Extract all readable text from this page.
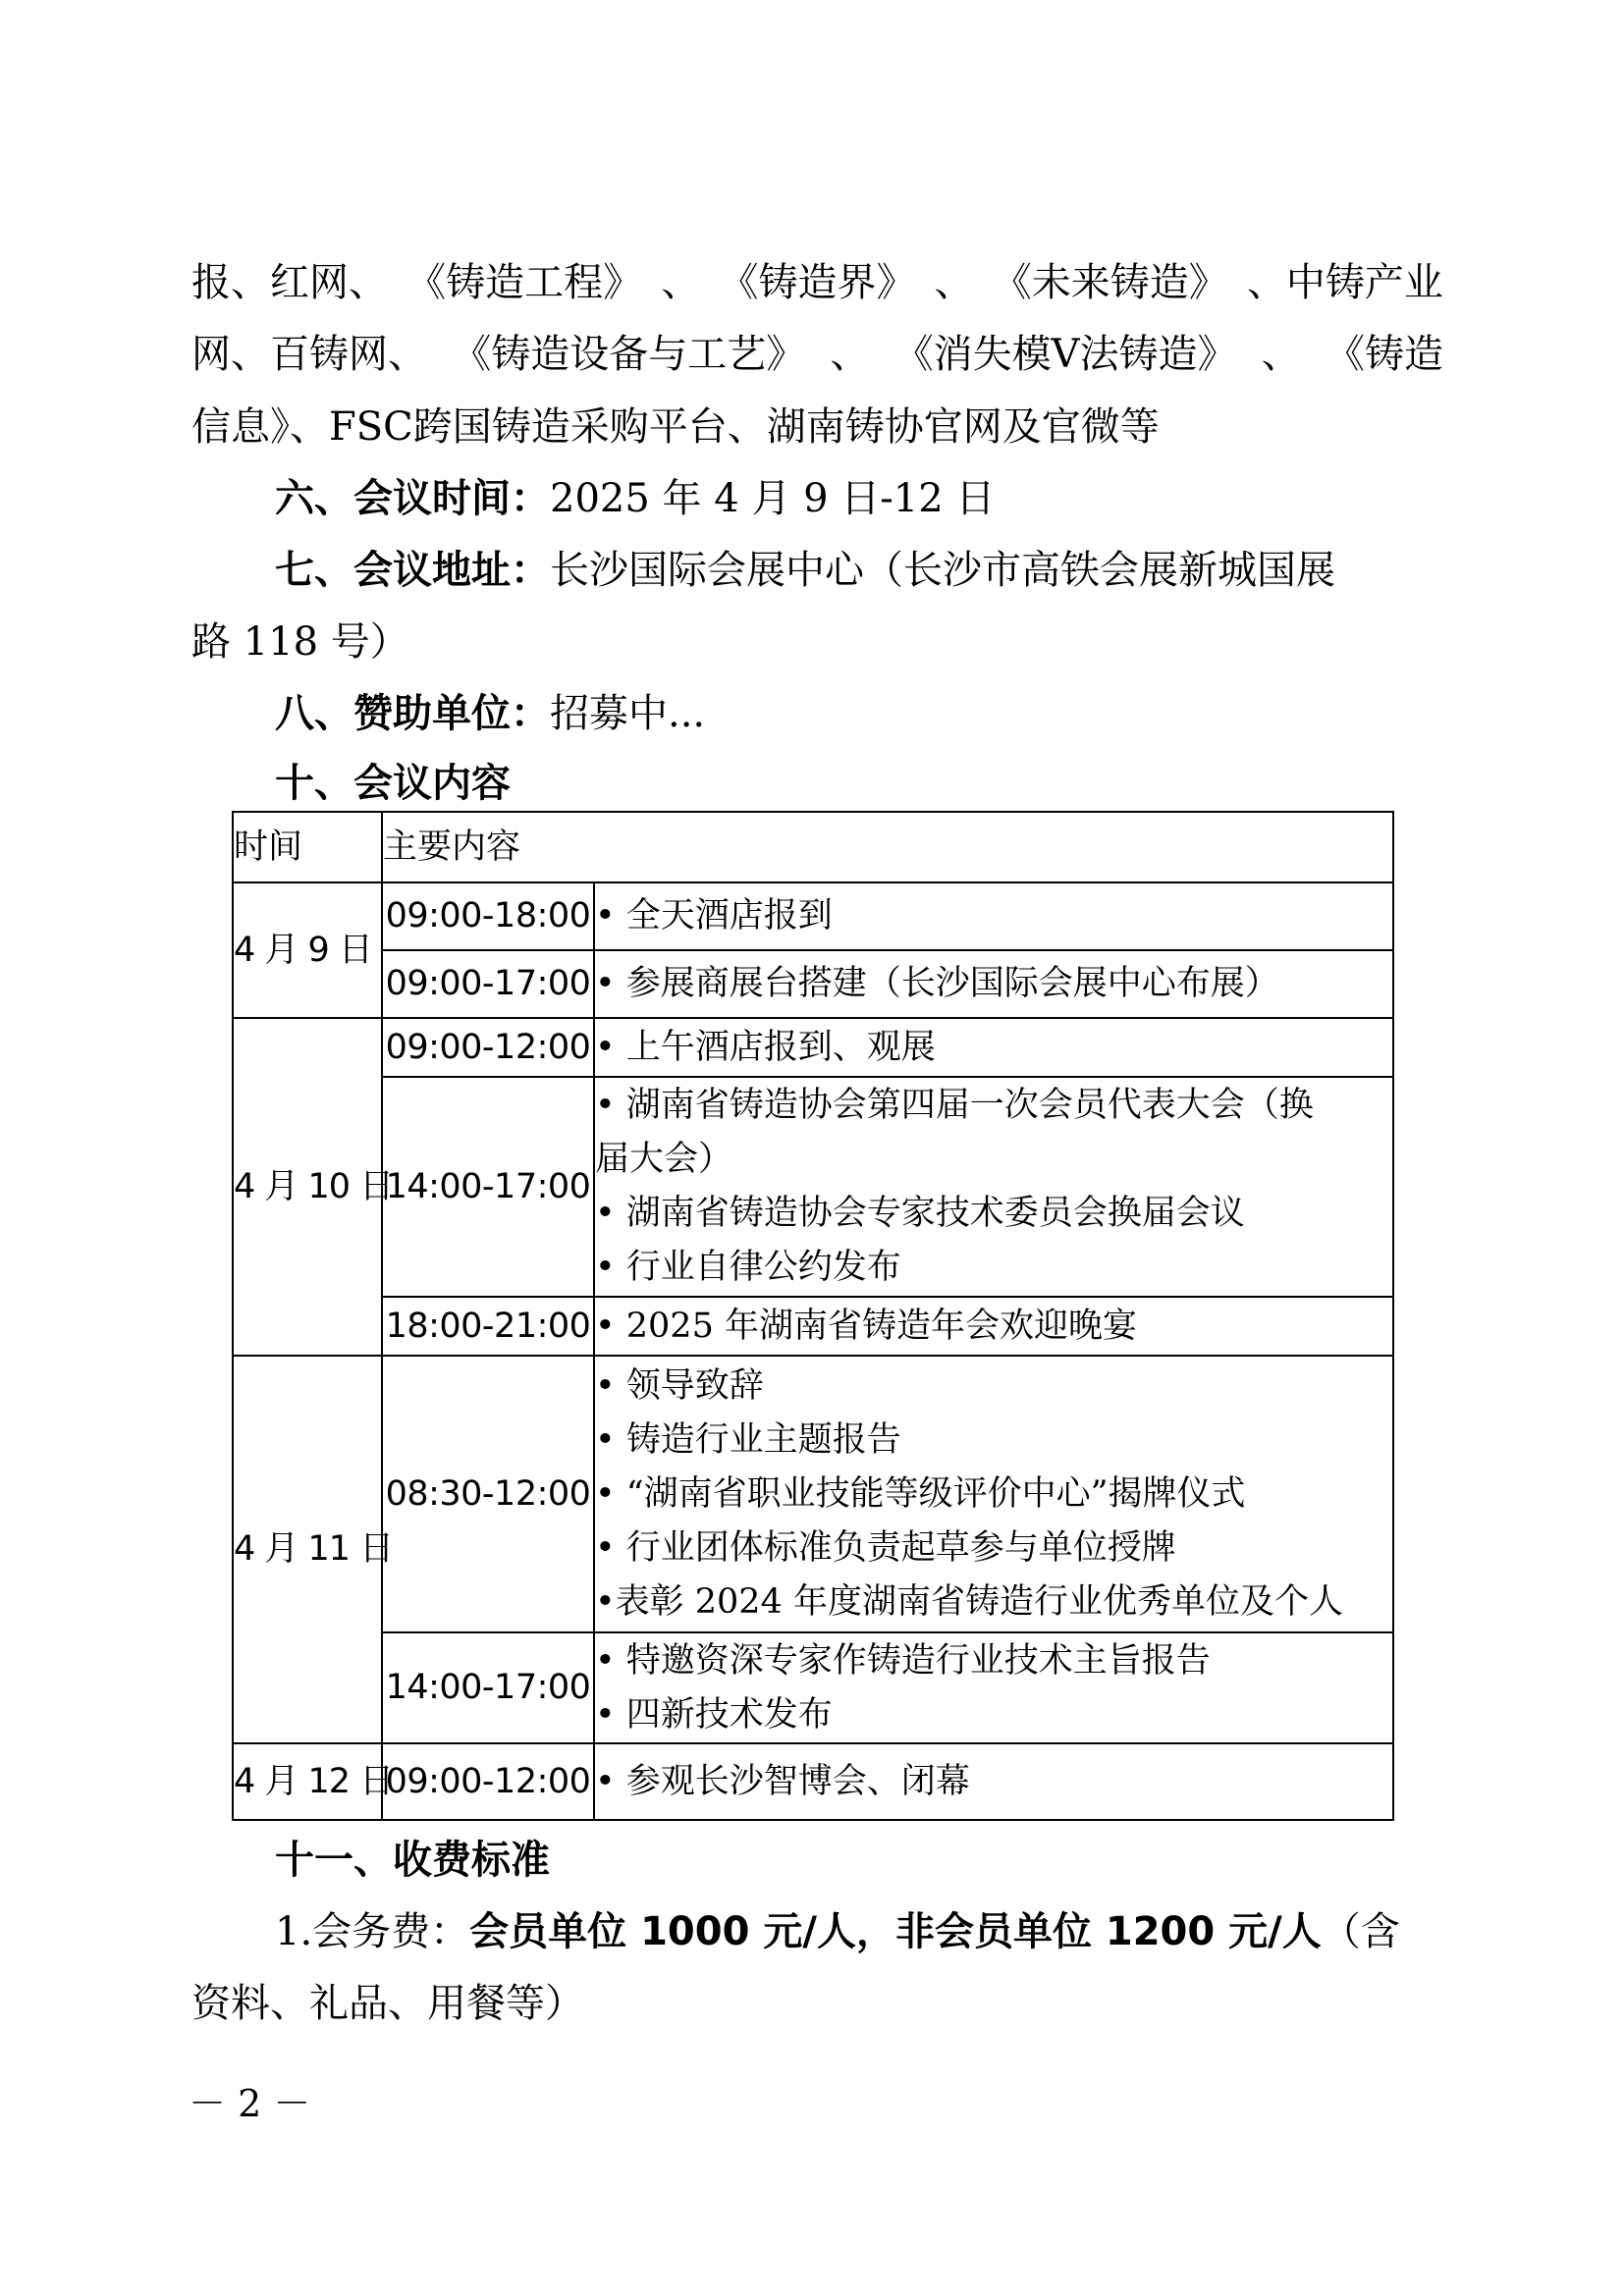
报、红网、 《铸造工程》 、 《铸造界》 、 《未来铸造》 、中铸产业
网、百铸网、 《铸造设备与工艺》 、 《消失模V法铸造》 、 《铸造
信息》、FSC跨国铸造采购平台、湖南铸协官网及官微等
六、会议时间：2025 年 4 月 9 日-12 日
七、会议地址：长沙国际会展中心（长沙市高铁会展新城国展
路 118 号）
八、赞助单位：招募中...
十、会议内容
时间	主要内容	
4 月 9 日	09:00-18:00	• 全天酒店报到

	09:00-17:00	• 参展商展台搭建（长沙国际会展中心布展）

4 月 10 日	09:00-12:00	• 上午酒店报到、观展

	14:00-17:00	• 湖南省铸造协会第四届一次会员代表大会（换
届大会）
• 湖南省铸造协会专家技术委员会换届会议
• 行业自律公约发布

	18:00-21:00	• 2025 年湖南省铸造年会欢迎晚宴

4 月 11 日	08:30-12:00	• 领导致辞
• 铸造行业主题报告
• “湖南省职业技能等级评价中心”揭牌仪式
• 行业团体标准负责起草参与单位授牌
•表彰 2024 年度湖南省铸造行业优秀单位及个人

	14:00-17:00	• 特邀资深专家作铸造行业技术主旨报告
• 四新技术发布

4 月 12 日	09:00-12:00	• 参观长沙智博会、闭幕
十一、收费标准
1.会务费：会员单位 1000 元/人，非会员单位 1200 元/人（含
资料、礼品、用餐等）
－ 2 －
